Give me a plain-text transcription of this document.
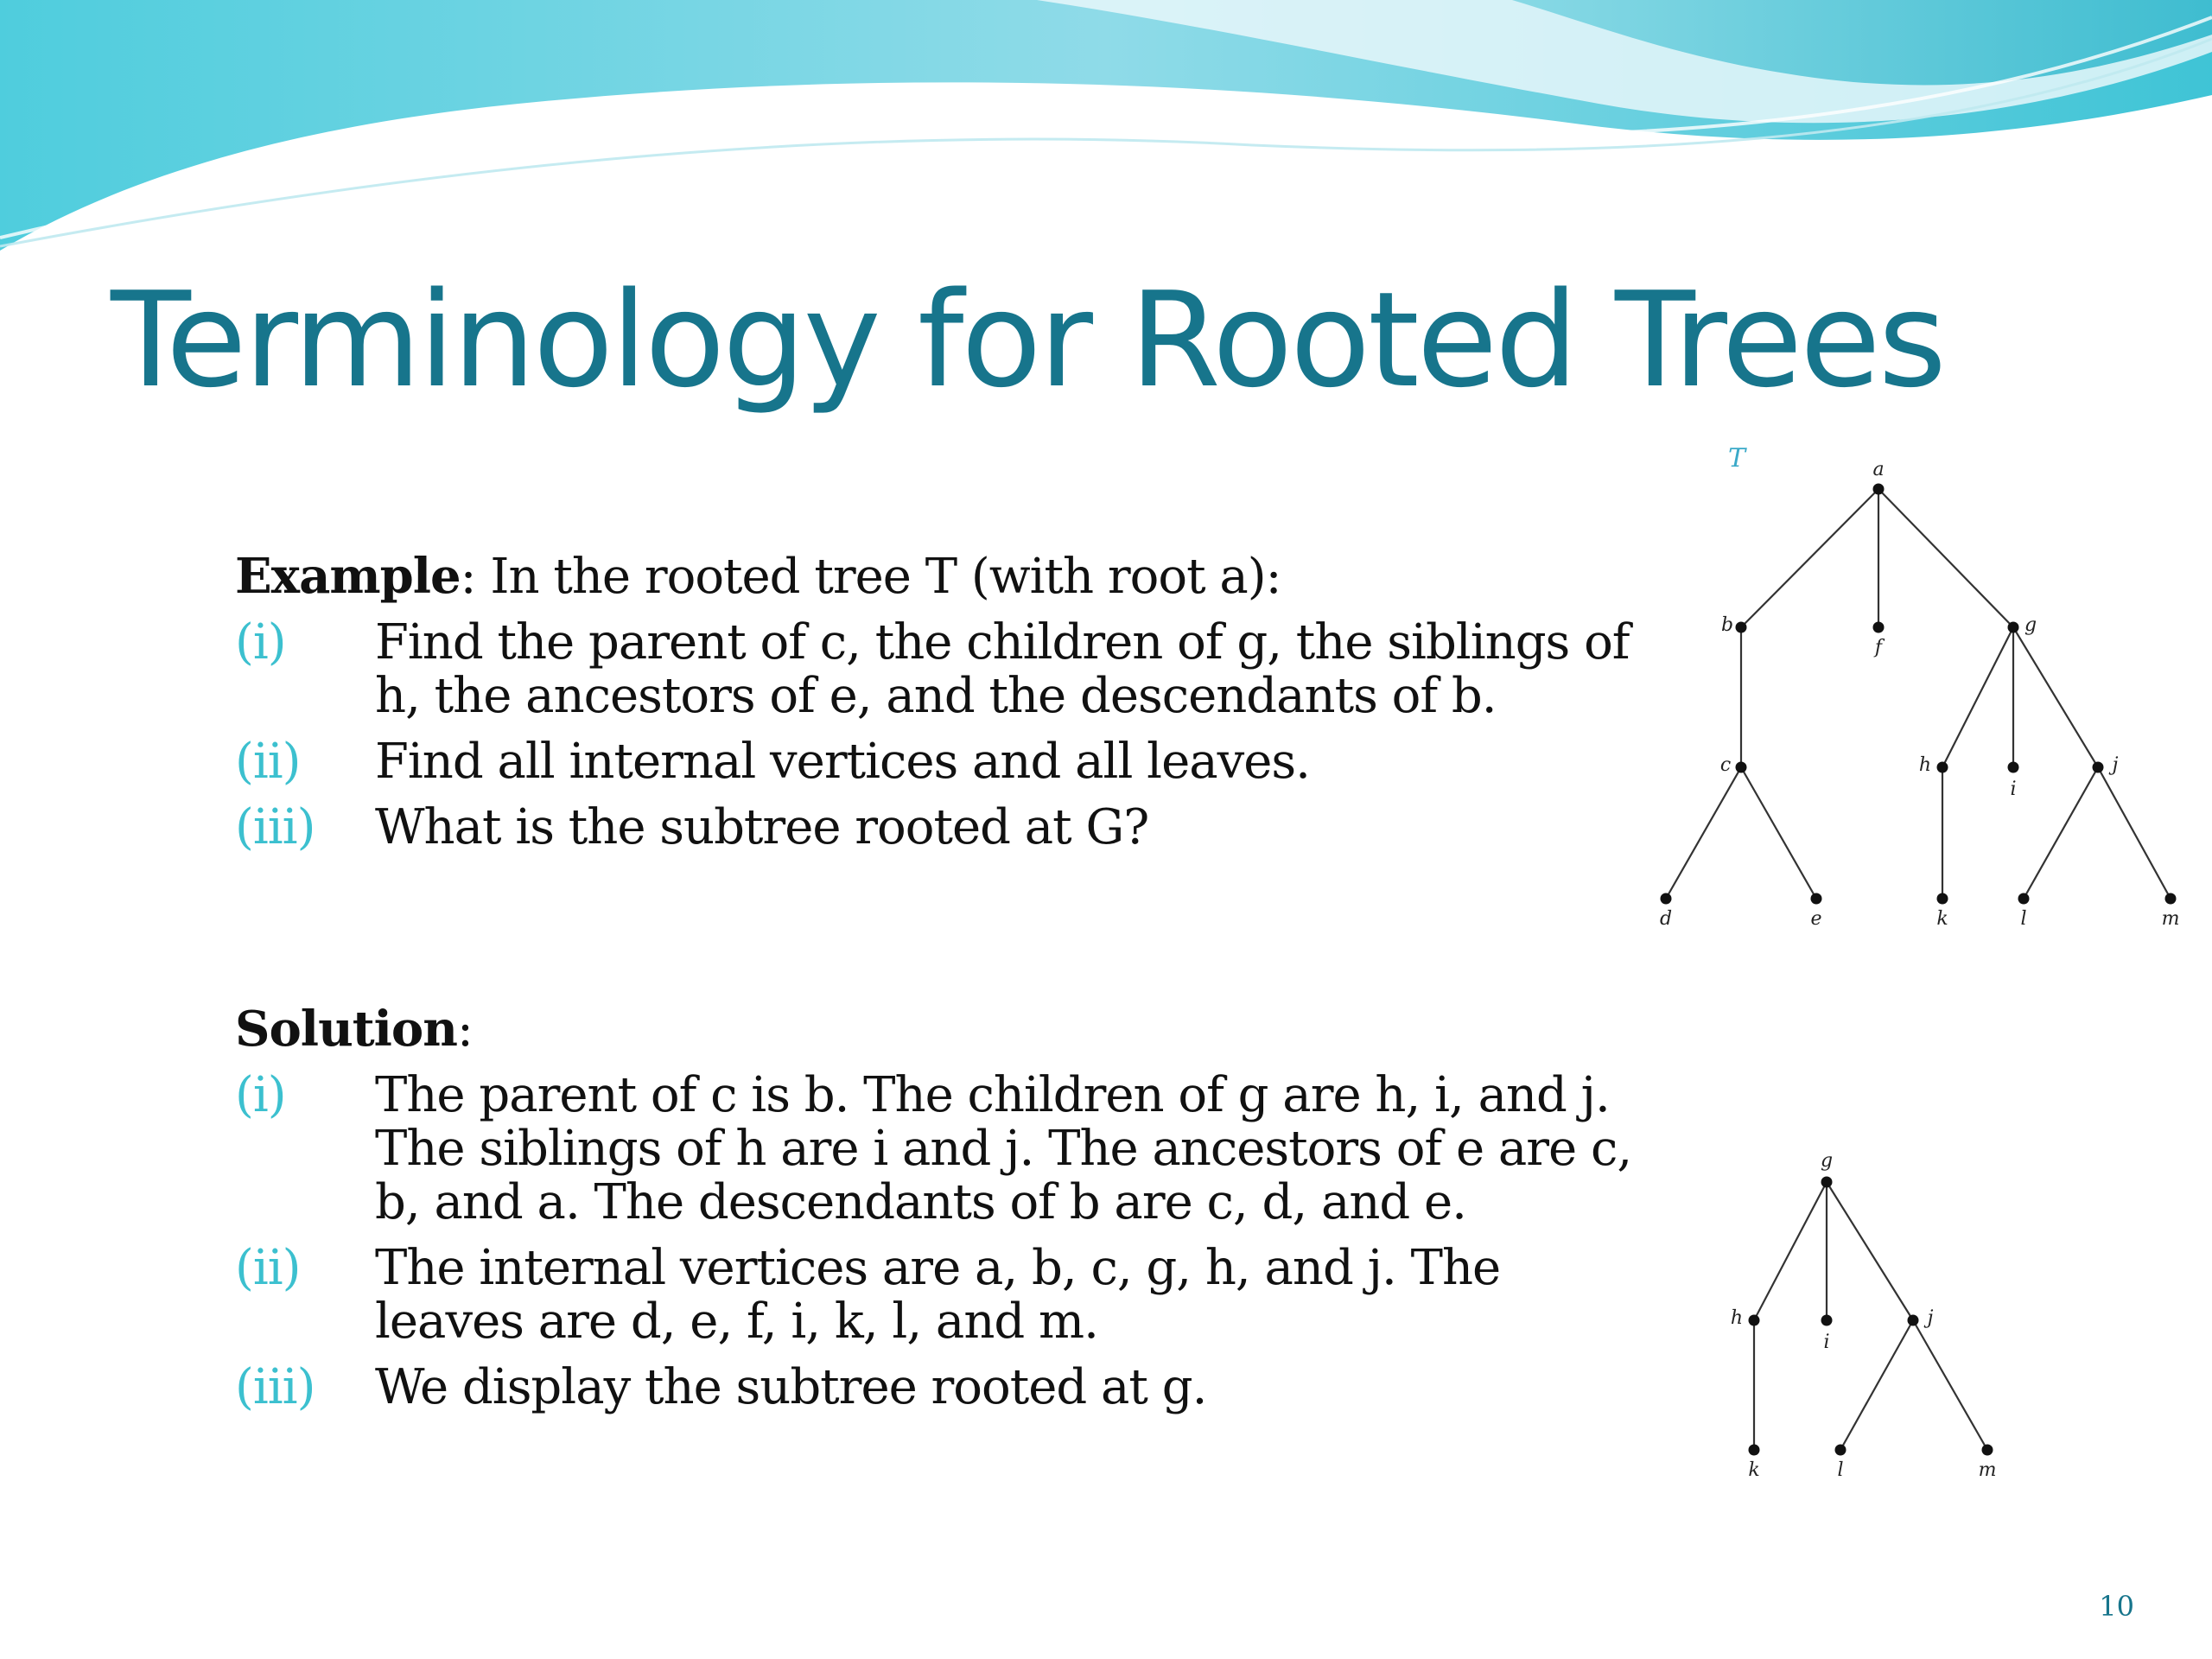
Terminology for Rooted Trees

Example: In the rooted tree T (with root a):

(i) Find the parent of c, the children of g, the siblings of h, the ancestors of e, and the descendants of b.
(ii) Find all internal vertices and all leaves.
(iii) What is the subtree rooted at G?

Solution:

(i) The parent of c is b. The children of g are h, i, and j. The siblings of h are i and j. The ancestors of e are c, b, and a. The descendants of b are c, d, and e.
(ii) The internal vertices are a, b, c, g, h, and j. The leaves are d, e, f, i, k, l, and m.
(iii) We display the subtree rooted at g.
a
b
f
g
c	h
i
j
d	e	k	l	m
T
g
h
i
j
k	l	m
10
